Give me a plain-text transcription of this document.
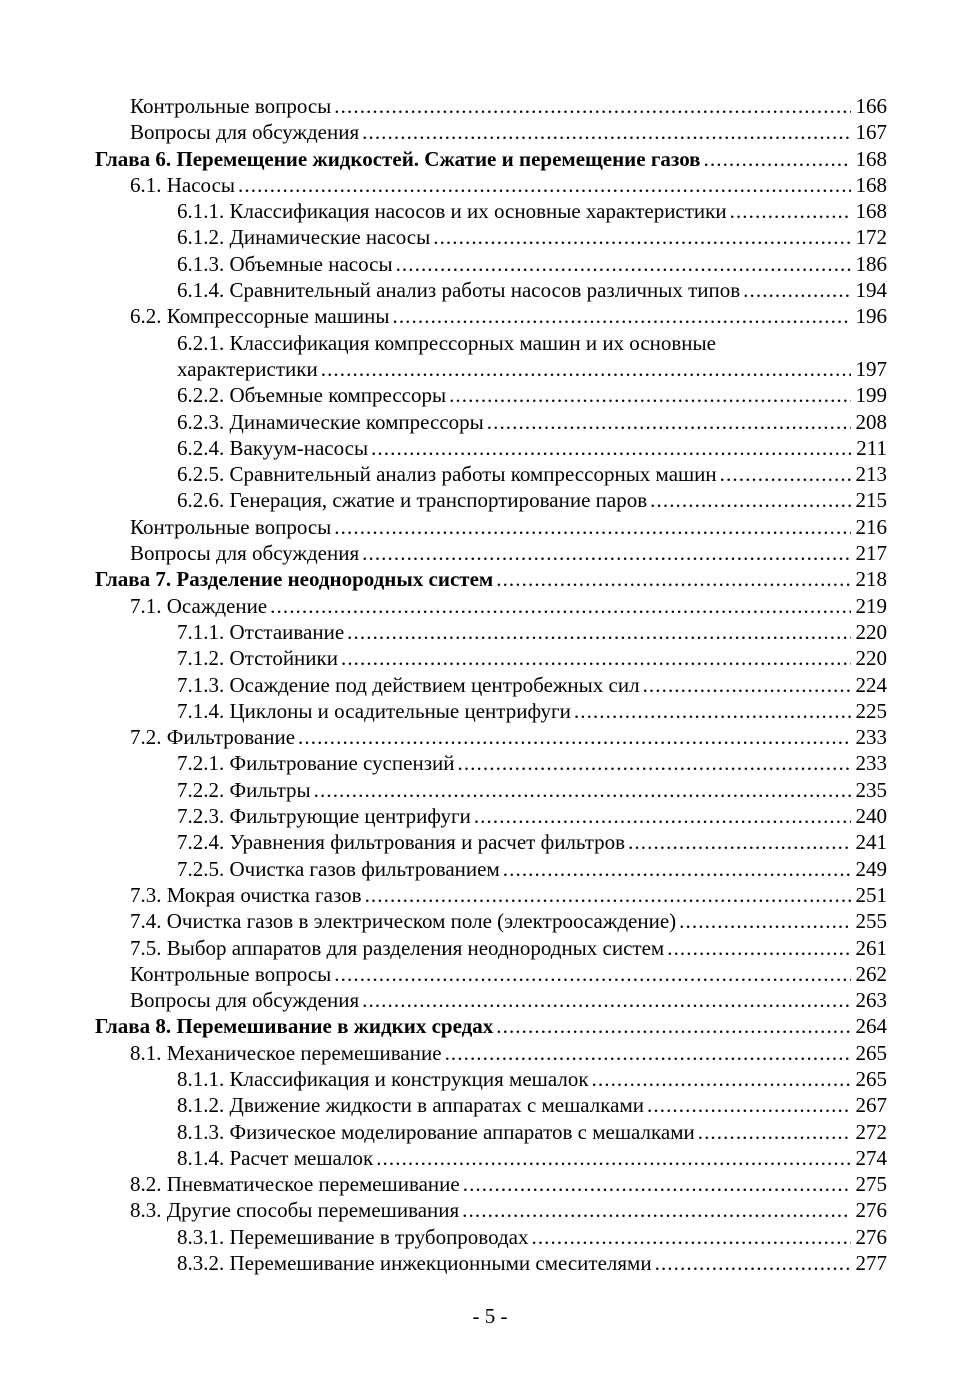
Контрольные вопросы .....	166
Вопросы для обсуждения .....	167
Глава 6. Перемещение жидкостей. Сжатие и перемещение газов .....	168
6.1. Насосы .....	168
6.1.1. Классификация насосов и их основные характеристики .....	168
6.1.2. Динамические насосы .....	172
6.1.3. Объемные насосы .....	186
6.1.4. Сравнительный анализ работы насосов различных типов .....	194
6.2. Компрессорные машины .....	196
6.2.1. Классификация компрессорных машин и их основные
характеристики .....	197
6.2.2. Объемные компрессоры .....	199
6.2.3. Динамические компрессоры .....	208
6.2.4. Вакуум-насосы .....	211
6.2.5. Сравнительный анализ работы компрессорных машин .....	213
6.2.6. Генерация, сжатие и транспортирование паров .....	215
Контрольные вопросы .....	216
Вопросы для обсуждения .....	217
Глава 7. Разделение неоднородных систем .....	218
7.1. Осаждение .....	219
7.1.1. Отстаивание .....	220
7.1.2. Отстойники .....	220
7.1.3. Осаждение под действием центробежных сил .....	224
7.1.4. Циклоны и осадительные центрифуги .....	225
7.2. Фильтрование .....	233
7.2.1. Фильтрование суспензий .....	233
7.2.2. Фильтры .....	235
7.2.3. Фильтрующие центрифуги .....	240
7.2.4. Уравнения фильтрования и расчет фильтров .....	241
7.2.5. Очистка газов фильтрованием .....	249
7.3. Мокрая очистка газов .....	251
7.4. Очистка газов в электрическом поле (электроосаждение) .....	255
7.5. Выбор аппаратов для разделения неоднородных систем .....	261
Контрольные вопросы .....	262
Вопросы для обсуждения .....	263
Глава 8. Перемешивание в жидких средах .....	264
8.1. Механическое перемешивание .....	265
8.1.1. Классификация и конструкция мешалок .....	265
8.1.2. Движение жидкости в аппаратах с мешалками .....	267
8.1.3. Физическое моделирование аппаратов с мешалками .....	272
8.1.4. Расчет мешалок .....	274
8.2. Пневматическое перемешивание .....	275
8.3. Другие способы перемешивания .....	276
8.3.1. Перемешивание в трубопроводах .....	276
8.3.2. Перемешивание инжекционными смесителями .....	277
- 5 -
